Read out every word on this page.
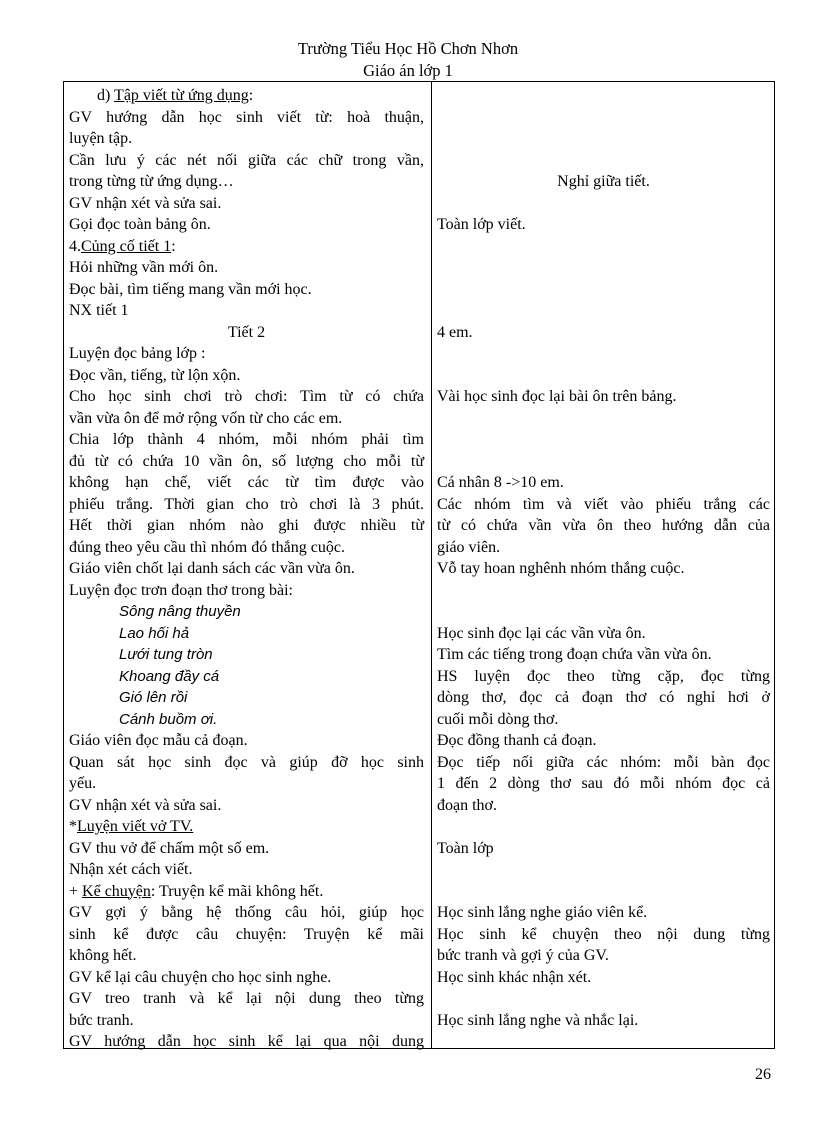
Trường Tiểu Học Hồ Chơn Nhơn
Giáo án lớp 1
d) Tập viết từ ứng dụng:
GV hướng dẫn học sinh viết từ: hoà thuận,
luyện tập.
Cần lưu ý các nét nối giữa các chữ trong vần,
trong từng từ ứng dụng…
GV nhận xét và sửa sai.
Gọi đọc toàn bảng ôn.
4.Củng cố tiết 1:
Hỏi những vần mới ôn.
Đọc bài, tìm tiếng mang vần mới học.
NX tiết 1
Tiết 2
Luyện đọc bảng lớp :
Đọc vần, tiếng, từ lộn xộn.
Cho học sinh chơi trò chơi: Tìm từ có chứa
vần vừa ôn để mở rộng vốn từ cho các em.
Chia lớp thành 4 nhóm, mỗi nhóm phải tìm
đủ từ có chứa 10 vần ôn, số lượng cho mỗi từ
không hạn chế, viết các từ tìm được vào
phiếu trắng. Thời gian cho trò chơi là 3 phút.
Hết thời gian nhóm nào ghi được nhiều từ
đúng theo yêu cầu thì nhóm đó thắng cuộc.
Giáo viên chốt lại danh sách các vần vừa ôn.
Luyện đọc trơn đoạn thơ trong bài:
Sông nâng thuyền
Lao hối hả
Lưới tung tròn
Khoang đầy cá
Gió lên rồi
Cánh buồm ơi.
Giáo viên đọc mẫu cả đoạn.
Quan sát học sinh đọc và giúp đỡ học sinh
yếu.
GV nhận xét và sửa sai.
*Luyện viết vở TV.
GV thu vở để chấm một số em.
Nhận xét cách viết.
+ Kể chuyện: Truyện kể mãi không hết.
GV gợi ý bằng hệ thống câu hỏi, giúp học
sinh kể được câu chuyện: Truyện kể mãi
không hết.
GV kể lại câu chuyện cho học sinh nghe.
GV treo tranh và kể lại nội dung theo từng
bức tranh.
GV hướng dẫn học sinh kể lại qua nội dung
Nghỉ giữa tiết.
Toàn lớp viết.
4 em.
Vài học sinh đọc lại bài ôn trên bảng.
Cá nhân 8 ->10 em.
Các nhóm tìm và viết vào phiếu trắng các
từ có chứa vần vừa ôn theo hướng dẫn của
giáo viên.
Vỗ tay hoan nghênh nhóm thắng cuộc.
Học sinh đọc lại các vần vừa ôn.
Tìm các tiếng trong đoạn chứa vần vừa ôn.
HS luyện đọc theo từng cặp, đọc từng
dòng thơ, đọc cả đoạn thơ có nghỉ hơi ở
cuối mỗi dòng thơ.
Đọc đồng thanh cả đoạn.
Đọc tiếp nối giữa các nhóm: mỗi bàn đọc
1 đến 2 dòng thơ sau đó mỗi nhóm đọc cả
đoạn thơ.
Toàn lớp
Học sinh lắng nghe giáo viên kể.
Học sinh kể chuyện theo nội dung từng
bức tranh và gợi ý của GV.
Học sinh khác nhận xét.
Học sinh lắng nghe và nhắc lại.
26
